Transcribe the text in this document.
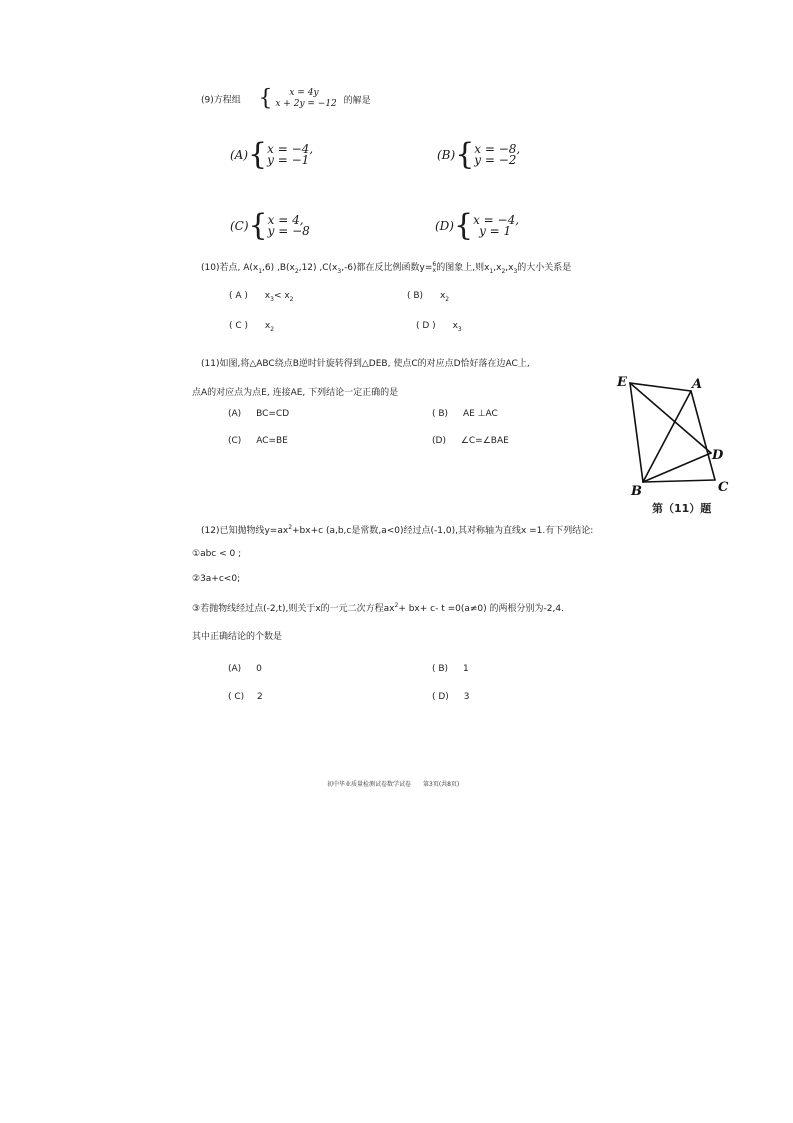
(9)方程组 {	x = 4y
x + 2y = −12 的解是
(A){ x = −4,
y = −1	(B){ x = −8,
y = −2
(C){ x = 4,
y = −8	(D){ x = −4,
y = 1
(10)若点, $A(x_1,6)$ $,B(x_2,12)$ $,C(x_3,-6)$都在反比例函数y= 6
x 的图象上,则$x_1,x_2,x_3$的大小关系是
( A ) $x_3< x_2$	( B) $x_2$
( C ) $x_2$	( D ) $x_3$
(11)如图,将△ABC绕点B逆时针旋转得到△DEB, 使点C的对应点D恰好落在边AC上,
点A的对应点为点E, 连接AE, 下列结论一定正确的是
(A) BC=CD	( B) AE ⊥AC
(C) AC=BE	(D) ∠C=∠BAE
E	A
D
B	C
第（11）题
(12)已知抛物线$y=ax^2+bx+c$ (a,b,c是常数,a<0)经过点(-1,0),其对称轴为直线x =1.有下列结论:
①abc < 0 ;
②3a+c<0;
③若抛物线经过点(-2,t),则关于x的一元二次方程$ax^2+ bx+ c-$ t =0(a≠0) 的两根分别为-2,4.
其中正确结论的个数是
(A) 0	( B) 1
( C) 2	( D) 3
初中毕业质量检测试卷数学试卷　　第3页(共8页)
